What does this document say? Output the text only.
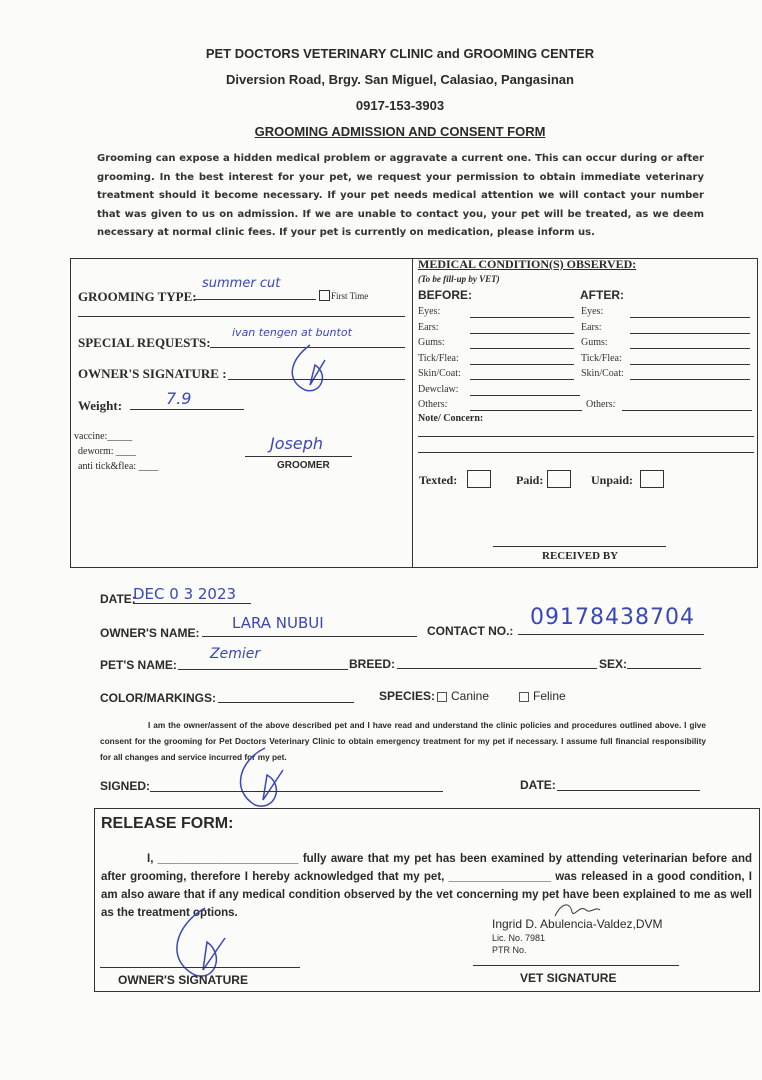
PET DOCTORS VETERINARY CLINIC and GROOMING CENTER
Diversion Road, Brgy. San Miguel, Calasiao, Pangasinan
0917-153-3903
GROOMING ADMISSION AND CONSENT FORM
Grooming can expose a hidden medical problem or aggravate a current one. This can occur during or after grooming. In the best interest for your pet, we request your permission to obtain immediate veterinary treatment should it become necessary. If your pet needs medical attention we will contact your number that was given to us on admission. If we are unable to contact you, your pet will be treated, as we deem necessary at normal clinic fees. If your pet is currently on medication, please inform us.
GROOMING TYPE:
summer cut
First Time
SPECIAL REQUESTS:
ivan tengen at buntot
OWNER'S SIGNATURE :
Weight:	7.9
vaccine:_____
deworm: ____
anti tick&flea: ____
Joseph
GROOMER
MEDICAL CONDITION(S) OBSERVED:
(To be fill-up by VET)
BEFORE:	AFTER:
Eyes:	Eyes:
Ears:	Ears:
Gums:	Gums:
Tick/Flea:	Tick/Flea:
Skin/Coat:	Skin/Coat:
Dewclaw:
Others:	Others:
Note/ Concern:
Texted:	Paid:	Unpaid:
RECEIVED BY
DATE:
DEC 0 3 2023
OWNER'S NAME:
LARA NUBUI	CONTACT NO.:
09178438704
PET'S NAME:
Zemier
BREED:	SEX:
COLOR/MARKINGS:	SPECIES:	Canine	Feline
I am the owner/assent of the above described pet and I have read and understand the clinic policies and procedures outlined above. I give consent for the grooming for Pet Doctors Veterinary Clinic to obtain emergency treatment for my pet if necessary. I assume full financial responsibility for all changes and service incurred for my pet.
SIGNED:	DATE:
RELEASE FORM:
I, ______________________ fully aware that my pet has been examined by attending veterinarian before and after grooming, therefore I hereby acknowledged that my pet, ________________ was released in a good condition, I am also aware that if any medical condition observed by the vet concerning my pet have been explained to me as well as the treatment options.
Ingrid D. Abulencia-Valdez,DVM
Lic. No. 7981
PTR No.
OWNER'S SIGNATURE	VET SIGNATURE
